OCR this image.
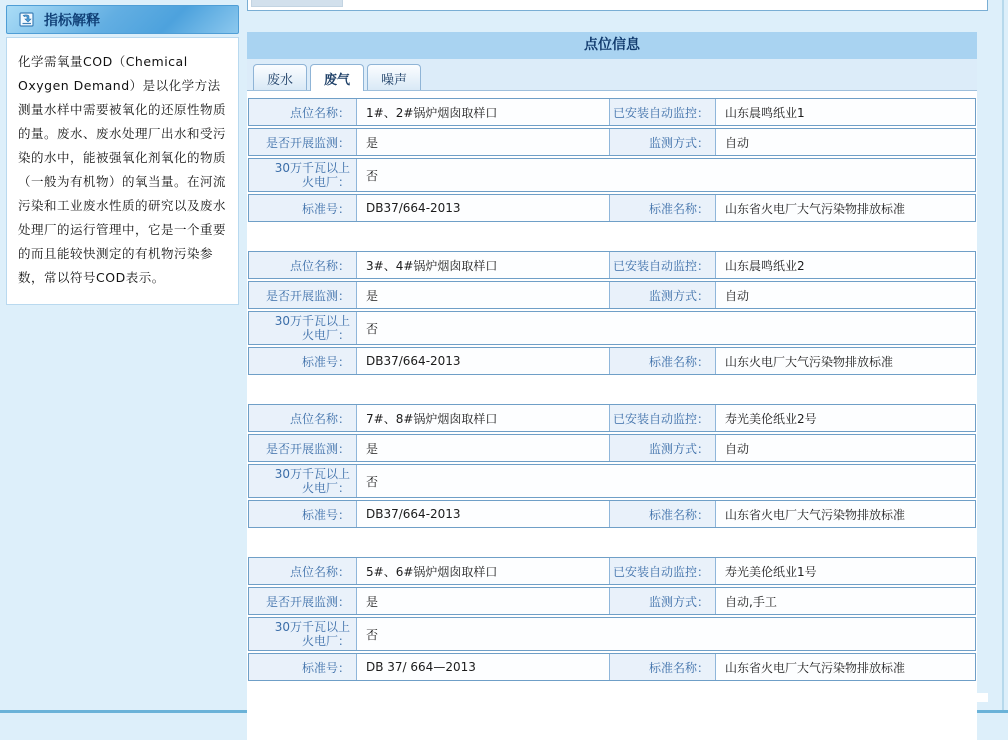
指标解释
化学需氧量COD（Chemical Oxygen Demand）是以化学方法测量水样中需要被氧化的还原性物质的量。废水、废水处理厂出水和受污染的水中，能被强氧化剂氧化的物质（一般为有机物）的氧当量。在河流污染和工业废水性质的研究以及废水处理厂的运行管理中，它是一个重要的而且能较快测定的有机物污染参数，常以符号COD表示。
点位信息
废水	废气	噪声
点位名称：	1#、2#锅炉烟囱取样口	已安装自动监控：	山东晨鸣纸业1
是否开展监测：	是	监测方式：	自动
30万千瓦以上
火电厂：	否
标准号：	DB37/664-2013	标准名称：	山东省火电厂大气污染物排放标准
点位名称：	3#、4#锅炉烟囱取样口	已安装自动监控：	山东晨鸣纸业2
是否开展监测：	是	监测方式：	自动
30万千瓦以上
火电厂：	否
标准号：	DB37/664-2013	标准名称：	山东火电厂大气污染物排放标准
点位名称：	7#、8#锅炉烟囱取样口	已安装自动监控：	寿光美伦纸业2号
是否开展监测：	是	监测方式：	自动
30万千瓦以上
火电厂：	否
标准号：	DB37/664-2013	标准名称：	山东省火电厂大气污染物排放标准
点位名称：	5#、6#锅炉烟囱取样口	已安装自动监控：	寿光美伦纸业1号
是否开展监测：	是	监测方式：	自动,手工
30万千瓦以上
火电厂：	否
标准号：	DB 37/ 664—2013	标准名称：	山东省火电厂大气污染物排放标准
